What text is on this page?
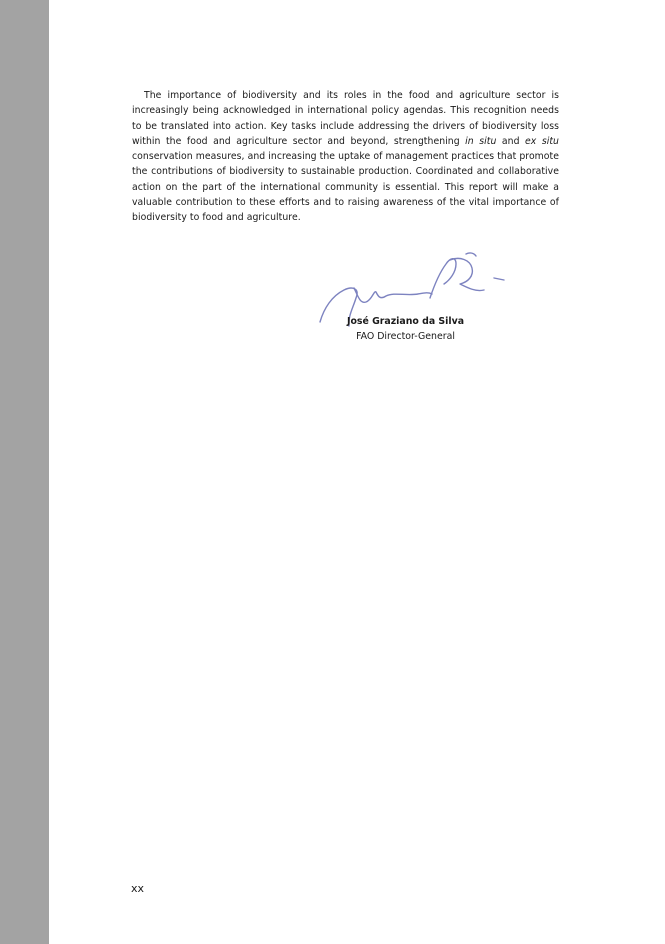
The importance of biodiversity and its roles in the food and agriculture sector is increasingly being acknowledged in international policy agendas. This recognition needs to be translated into action. Key tasks include addressing the drivers of biodiversity loss within the food and agriculture sector and beyond, strengthening in situ and ex situ conservation measures, and increasing the uptake of management practices that promote the contributions of biodiversity to sustainable production. Coordinated and collaborative action on the part of the international community is essential. This report will make a valuable contribution to these efforts and to raising awareness of the vital importance of biodiversity to food and agriculture.

José Graziano da Silva
FAO Director-General
xx
